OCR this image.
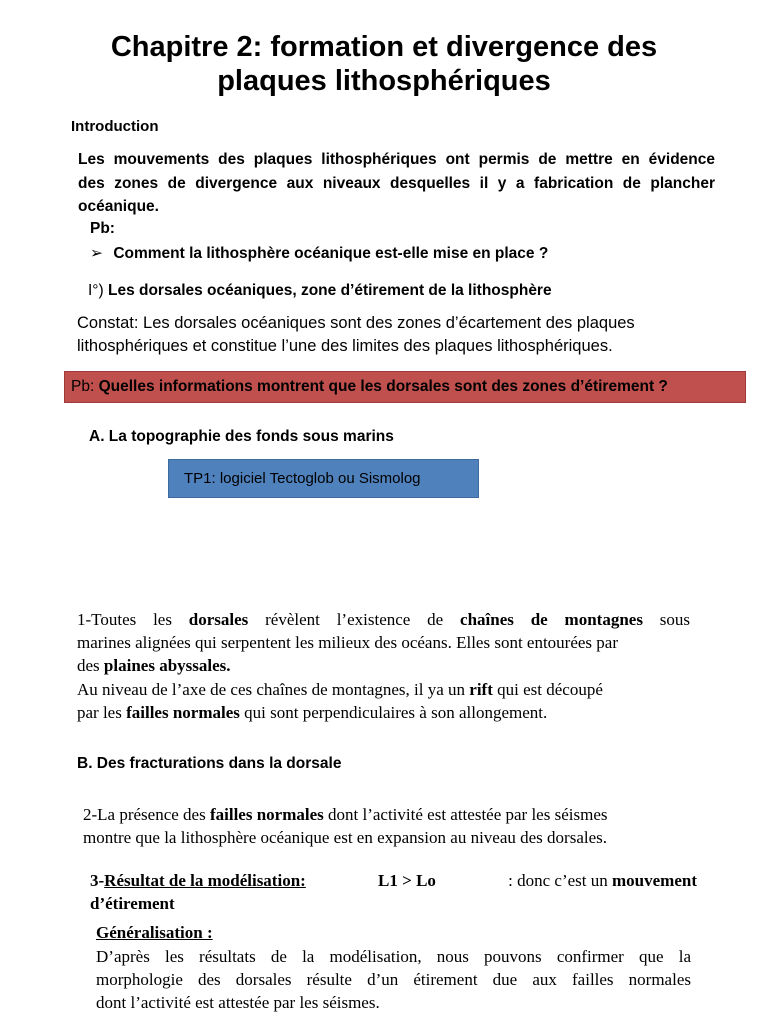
Chapitre 2: formation et divergence des
plaques lithosphériques
Introduction
Les mouvements des plaques lithosphériques ont permis de mettre en évidence
des zones de divergence aux niveaux desquelles il y a fabrication de plancher
océanique.
Pb:
➢ Comment la lithosphère océanique est-elle mise en place ?
I°) Les dorsales océaniques, zone d’étirement de la lithosphère
Constat: Les dorsales océaniques sont des zones d’écartement des plaques
lithosphériques et constitue l’une des limites des plaques lithosphériques.
Pb: Quelles informations montrent que les dorsales sont des zones d’étirement ?
A. La topographie des fonds sous marins
TP1: logiciel Tectoglob ou Sismolog
1-Toutes les dorsales révèlent l’existence de chaînes de montagnes sous
marines alignées qui serpentent les milieux des océans. Elles sont entourées par
des plaines abyssales.
Au niveau de l’axe de ces chaînes de montagnes, il ya un rift qui est découpé
par les failles normales qui sont perpendiculaires à son allongement.
B. Des fracturations dans la dorsale
2-La présence des failles normales dont l’activité est attestée par les séismes
montre que la lithosphère océanique est en expansion au niveau des dorsales.
3-Résultat de la modélisation:	L1 > Lo	: donc c’est un mouvement
d’étirement
Généralisation :
D’après les résultats de la modélisation, nous pouvons confirmer que la
morphologie des dorsales résulte d’un étirement due aux failles normales
dont l’activité est attestée par les séismes.
